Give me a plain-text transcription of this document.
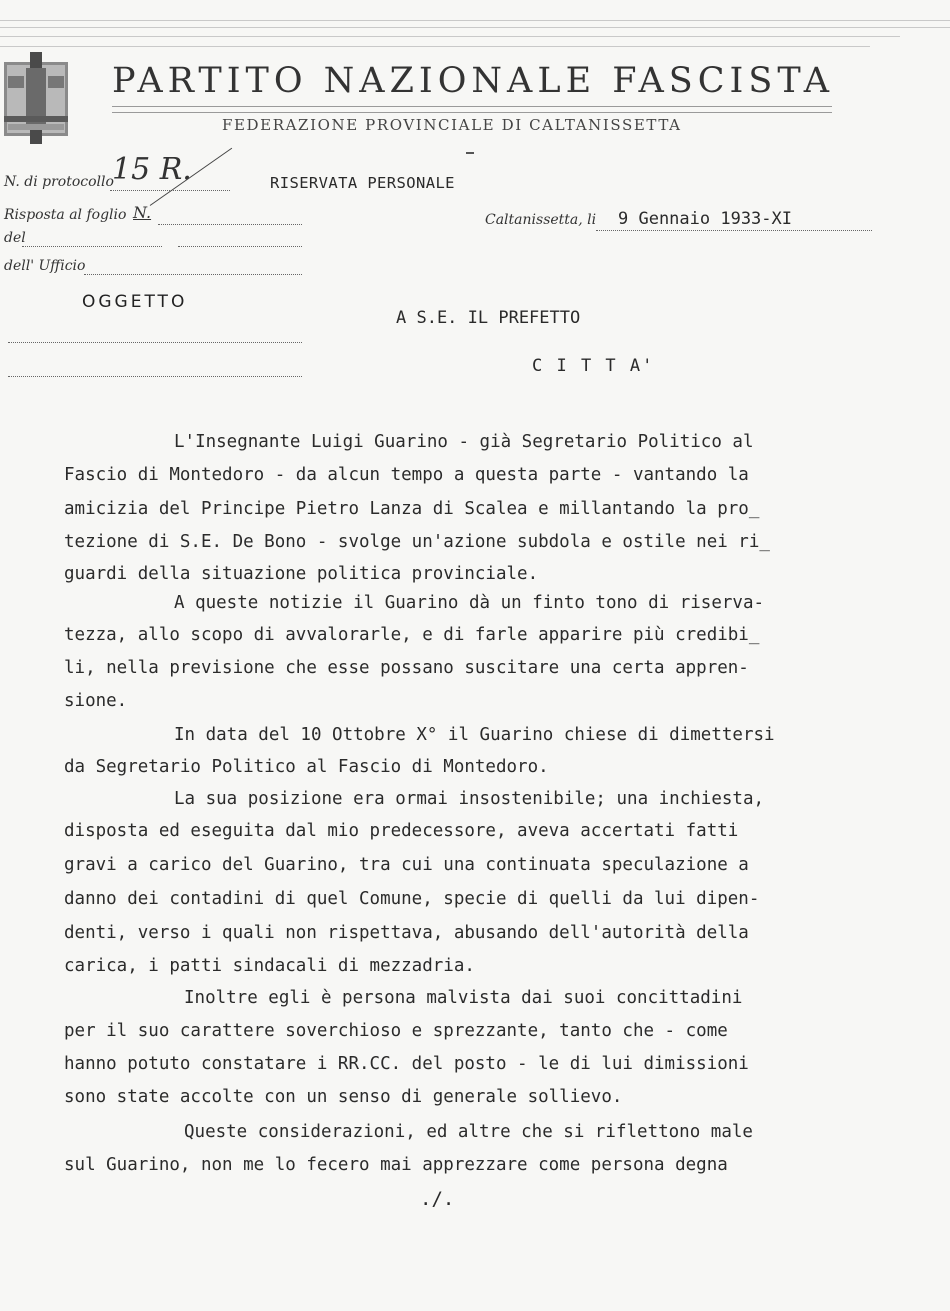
PARTITO NAZIONALE FASCISTA
FEDERAZIONE PROVINCIALE DI CALTANISSETTA
N. di protocollo
15 R.
Risposta al foglio N.
del
dell' Ufficio
RISERVATA PERSONALE
Caltanissetta, li 9 Gennaio 1933-XI
OGGETTO
A S.E. IL PREFETTO
C I T T A'
L'Insegnante Luigi Guarino - già Segretario Politico al
Fascio di Montedoro - da alcun tempo a questa parte - vantando la
amicizia del Principe Pietro Lanza di Scalea e millantando la pro_
tezione di S.E. De Bono - svolge un'azione subdola e ostile nei ri_
guardi della situazione politica provinciale.
A queste notizie il Guarino dà un finto tono di riserva-
tezza, allo scopo di avvalorarle, e di farle apparire più credibi_
li, nella previsione che esse possano suscitare una certa appren-
sione.
In data del 10 Ottobre X° il Guarino chiese di dimettersi
da Segretario Politico al Fascio di Montedoro.
La sua posizione era ormai insostenibile; una inchiesta,
disposta ed eseguita dal mio predecessore, aveva accertati fatti
gravi a carico del Guarino, tra cui una continuata speculazione a
danno dei contadini di quel Comune, specie di quelli da lui dipen-
denti, verso i quali non rispettava, abusando dell'autorità della
carica, i patti sindacali di mezzadria.
Inoltre egli è persona malvista dai suoi concittadini
per il suo carattere soverchioso e sprezzante, tanto che - come
hanno potuto constatare i RR.CC. del posto - le di lui dimissioni
sono state accolte con un senso di generale sollievo.
Queste considerazioni, ed altre che si riflettono male
sul Guarino, non me lo fecero mai apprezzare come persona degna
./.
